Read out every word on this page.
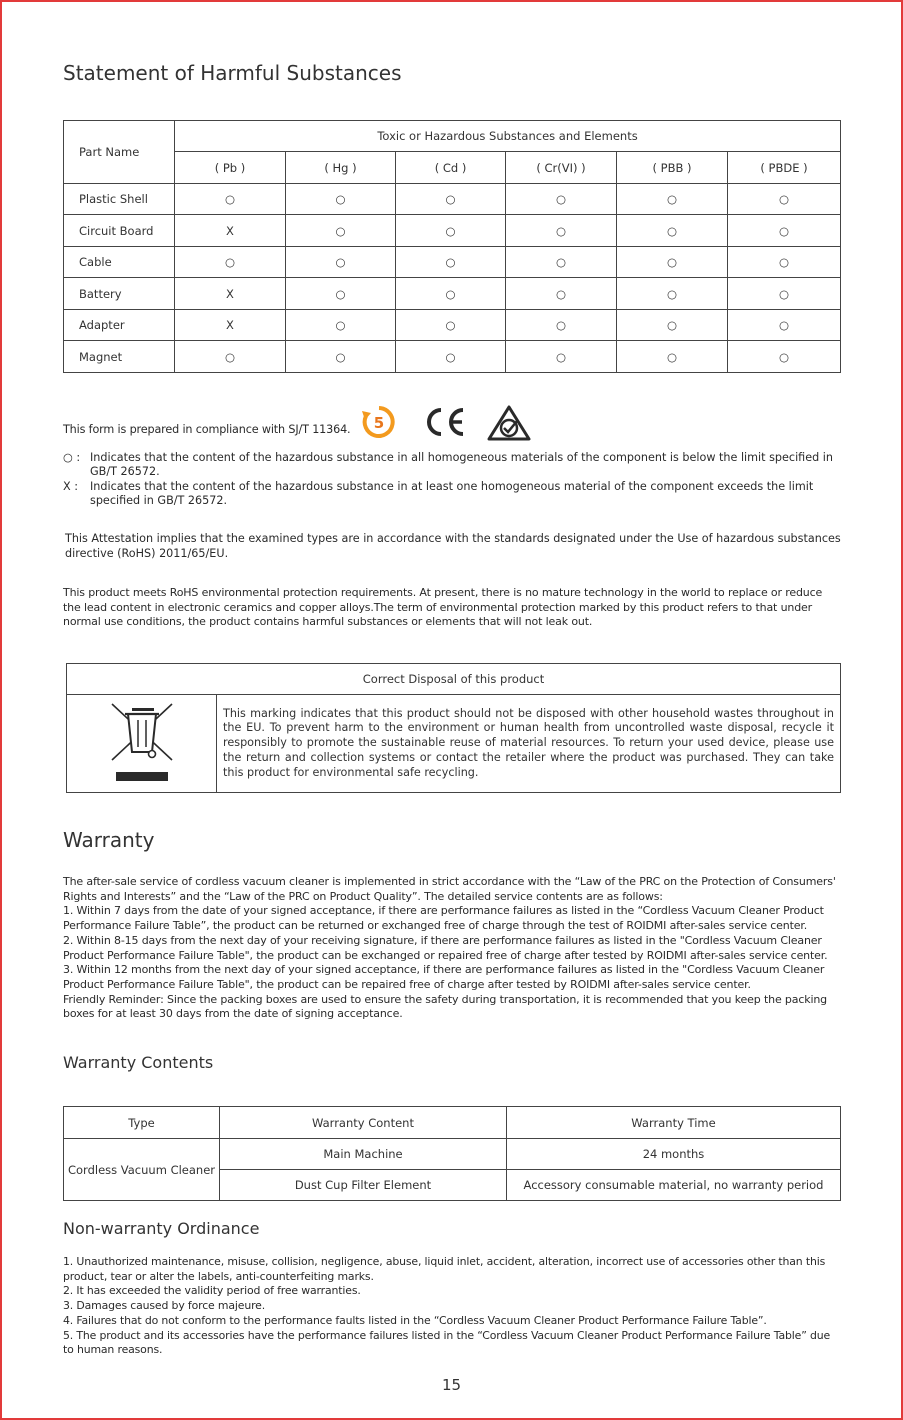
Statement of Harmful Substances
Part Name	Toxic or Hazardous Substances and Elements					
	( Pb )	( Hg )	( Cd )	( Cr(VI) )	( PBB )	( PBDE )
Plastic Shell	○	○	○	○	○	○
Circuit Board	X	○	○	○	○	○
Cable	○	○	○	○	○	○
Battery	X	○	○	○	○	○
Adapter	X	○	○	○	○	○
Magnet	○	○	○	○	○	○
This form is prepared in compliance with SJ/T 11364. 5
○ : Indicates that the content of the hazardous substance in all homogeneous materials of the component is below the limit specified in GB/T 26572.
X :	Indicates that the content of the hazardous substance in at least one homogeneous material of the component exceeds the limit specified in GB/T 26572.
This Attestation implies that the examined types are in accordance with the standards designated under the Use of hazardous substances directive (RoHS) 2011/65/EU.
This product meets RoHS environmental protection requirements. At present, there is no mature technology in the world to replace or reduce the lead content in electronic ceramics and copper alloys.The term of environmental protection marked by this product refers to that under normal use conditions, the product contains harmful substances or elements that will not leak out.
Correct Disposal of this product
	This marking indicates that this product should not be disposed with other household wastes throughout in the EU. To prevent harm to the environment or human health from uncontrolled waste disposal, recycle it responsibly to promote the sustainable reuse of material resources. To return your used device, please use the return and collection systems or contact the retailer where the product was purchased. They can take this product for environmental safe recycling.
Warranty
The after-sale service of cordless vacuum cleaner is implemented in strict accordance with the “Law of the PRC on the Protection of Consumers' Rights and Interests” and the “Law of the PRC on Product Quality”. The detailed service contents are as follows:
1. Within 7 days from the date of your signed acceptance, if there are performance failures as listed in the “Cordless Vacuum Cleaner Product Performance Failure Table”, the product can be returned or exchanged free of charge through the test of ROIDMI after-sales service center.
2. Within 8-15 days from the next day of your receiving signature, if there are performance failures as listed in the "Cordless Vacuum Cleaner Product Performance Failure Table", the product can be exchanged or repaired free of charge after tested by ROIDMI after-sales service center.
3. Within 12 months from the next day of your signed acceptance, if there are performance failures as listed in the "Cordless Vacuum Cleaner Product Performance Failure Table", the product can be repaired free of charge after tested by ROIDMI after-sales service center.
Friendly Reminder: Since the packing boxes are used to ensure the safety during transportation, it is recommended that you keep the packing boxes for at least 30 days from the date of signing acceptance.
Warranty Contents
Type	Warranty Content	Warranty Time
Cordless Vacuum Cleaner	Main Machine	24 months
	Dust Cup Filter Element	Accessory consumable material, no warranty period
Non-warranty Ordinance
1. Unauthorized maintenance, misuse, collision, negligence, abuse, liquid inlet, accident, alteration, incorrect use of accessories other than this product, tear or alter the labels, anti-counterfeiting marks.
2. It has exceeded the validity period of free warranties.
3. Damages caused by force majeure.
4. Failures that do not conform to the performance faults listed in the “Cordless Vacuum Cleaner Product Performance Failure Table”.
5. The product and its accessories have the performance failures listed in the “Cordless Vacuum Cleaner Product Performance Failure Table” due to human reasons.
15
